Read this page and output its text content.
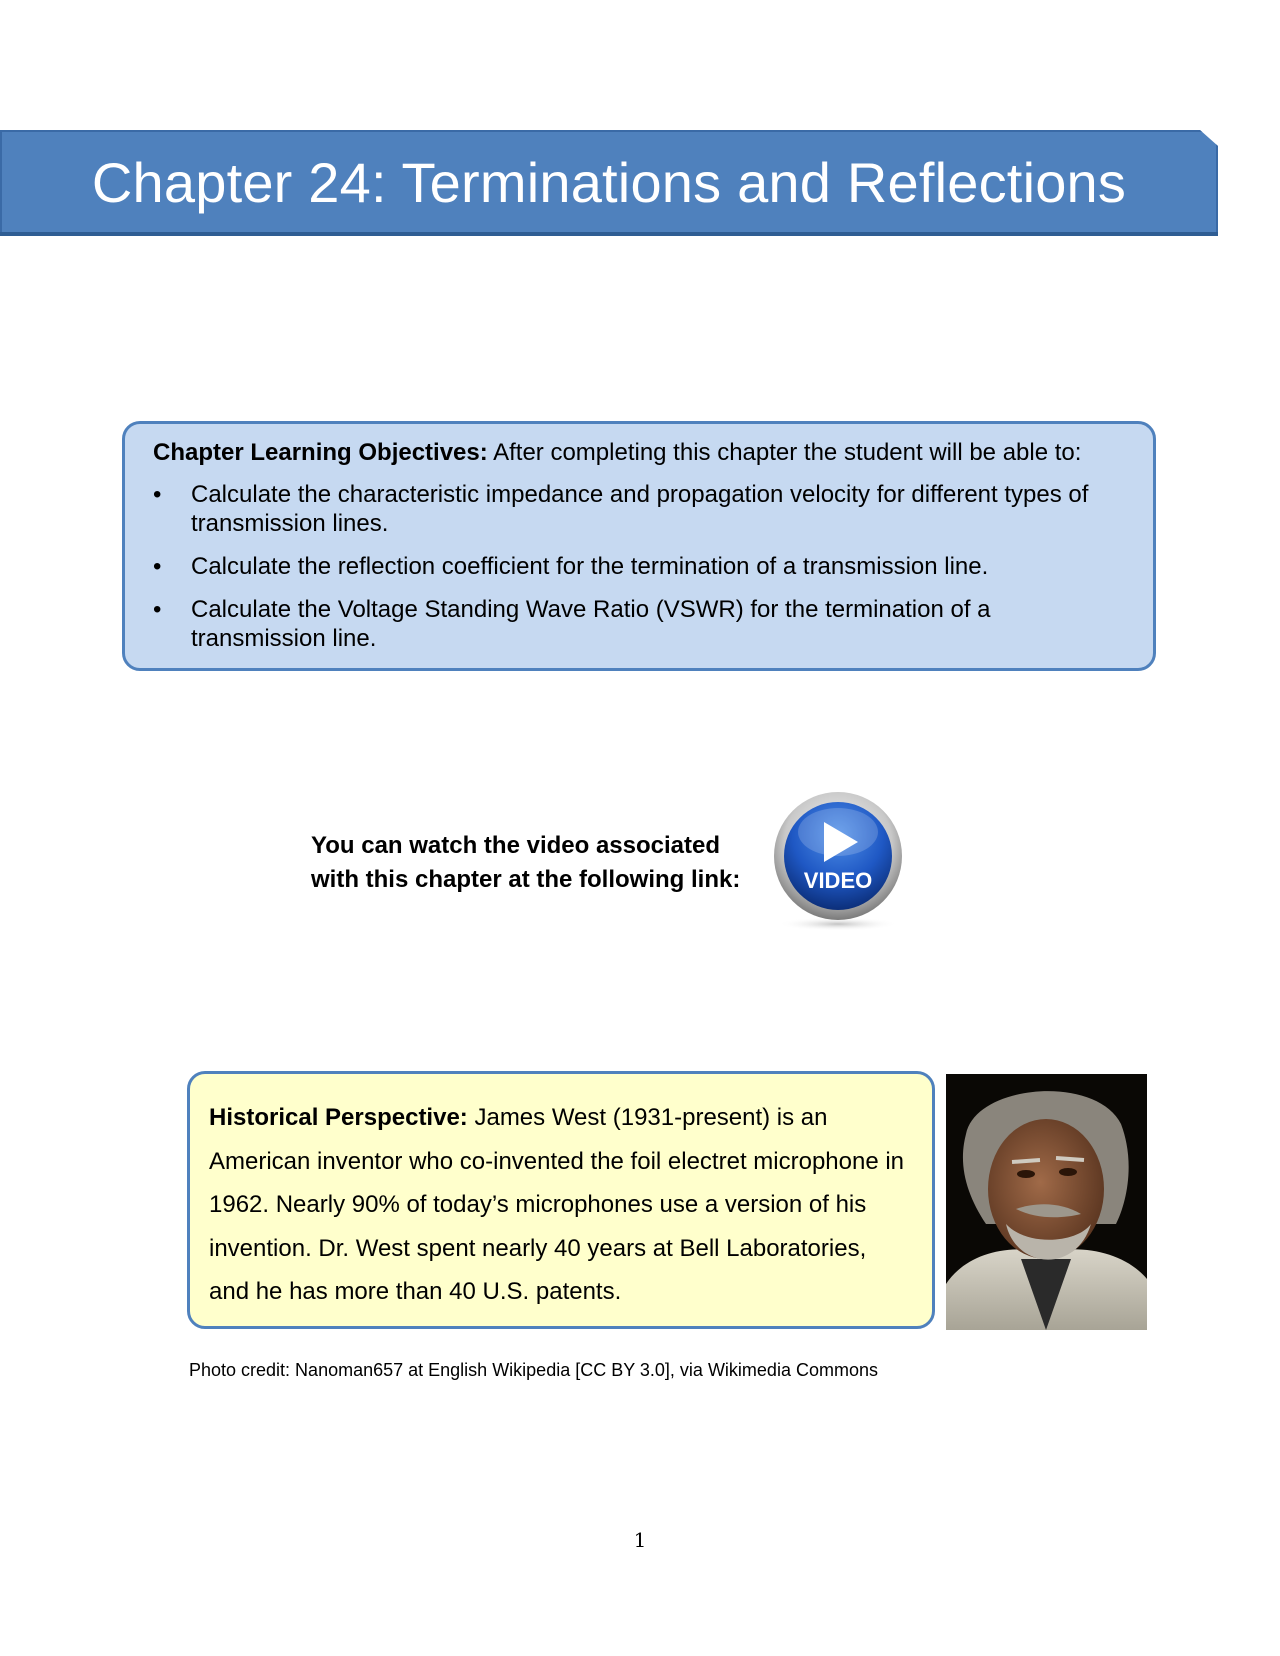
Chapter 24: Terminations and Reflections
Chapter Learning Objectives: After completing this chapter the student will be able to:
• Calculate the characteristic impedance and propagation velocity for different types of transmission lines.
• Calculate the reflection coefficient for the termination of a transmission line.
• Calculate the Voltage Standing Wave Ratio (VSWR) for the termination of a transmission line.
You can watch the video associated
with this chapter at the following link:	VIDEO
Historical Perspective: James West (1931-present) is an American inventor who co-invented the foil electret microphone in 1962. Nearly 90% of today’s microphones use a version of his invention. Dr. West spent nearly 40 years at Bell Laboratories, and he has more than 40 U.S. patents.
Photo credit: Nanoman657 at English Wikipedia [CC BY 3.0], via Wikimedia Commons
1
